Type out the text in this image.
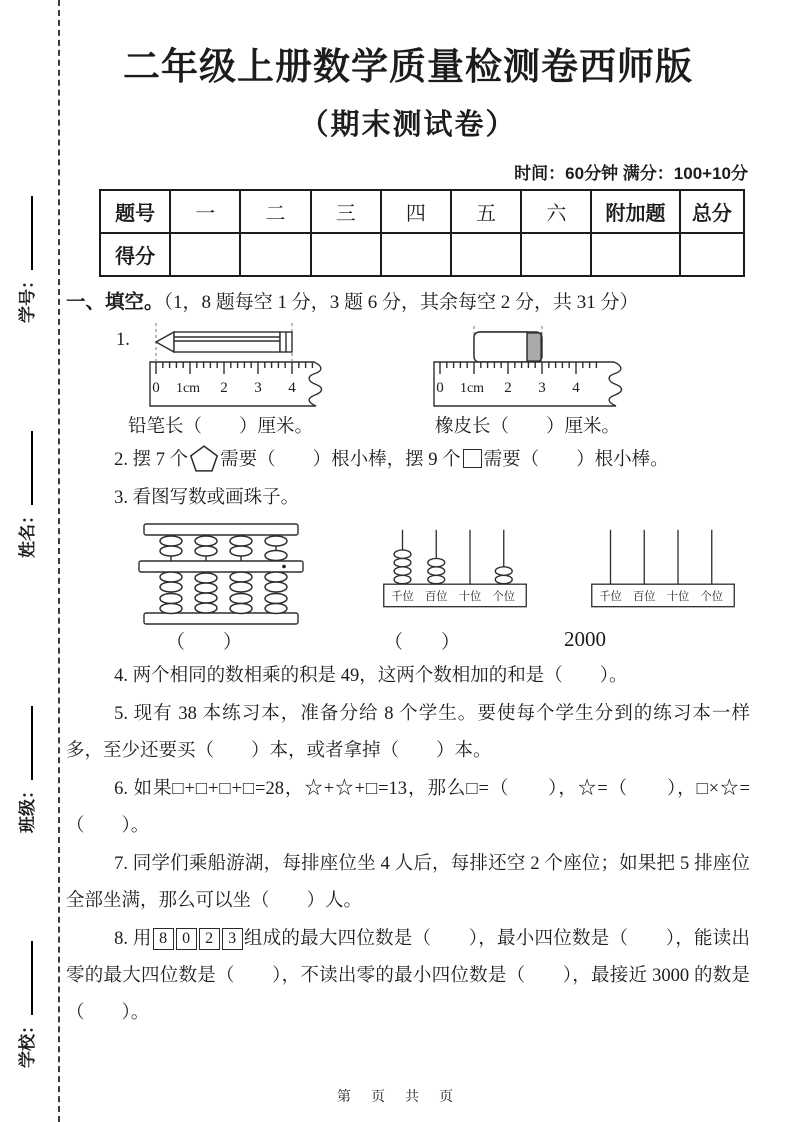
学号：
姓名：
班级：
学校：
二年级上册数学质量检测卷西师版
（期末测试卷）
时间：60分钟 满分：100+10分
题号	一	二	三	四	五	六	附加题	总分
得分								
一、填空。（1，8 题每空 1 分，3 题 6 分，其余每空 2 分，共 31 分）
1.
0 1cm 2 3 4	0 1cm 2 3 4
铅笔长（　　）厘米。	橡皮长（　　）厘米。
2. 摆 7 个 需要（　　）根小棒，摆 9 个 需要（　　）根小棒。
3. 看图写数或画珠子。
千位 百位 十位 个位	千位 百位 十位 个位
（　　）	（　　）	2000
4. 两个相同的数相乘的积是 49，这两个数相加的和是（　　）。
5. 现有 38 本练习本，准备分给 8 个学生。要使每个学生分到的练习本一样多，至少还要买（　　）本，或者拿掉（　　）本。
6. 如果□+□+□+□=28，☆+☆+□=13，那么□=（　　），☆=（　　），□×☆=（　　）。
7. 同学们乘船游湖，每排座位坐 4 人后，每排还空 2 个座位；如果把 5 排座位全部坐满，那么可以坐（　　）人。
8. 用 8 0 2 3 组成的最大四位数是（　　），最小四位数是（　　），能读出零的最大四位数是（　　），不读出零的最小四位数是（　　），最接近 3000 的数是（　　）。
第　页　共　页
